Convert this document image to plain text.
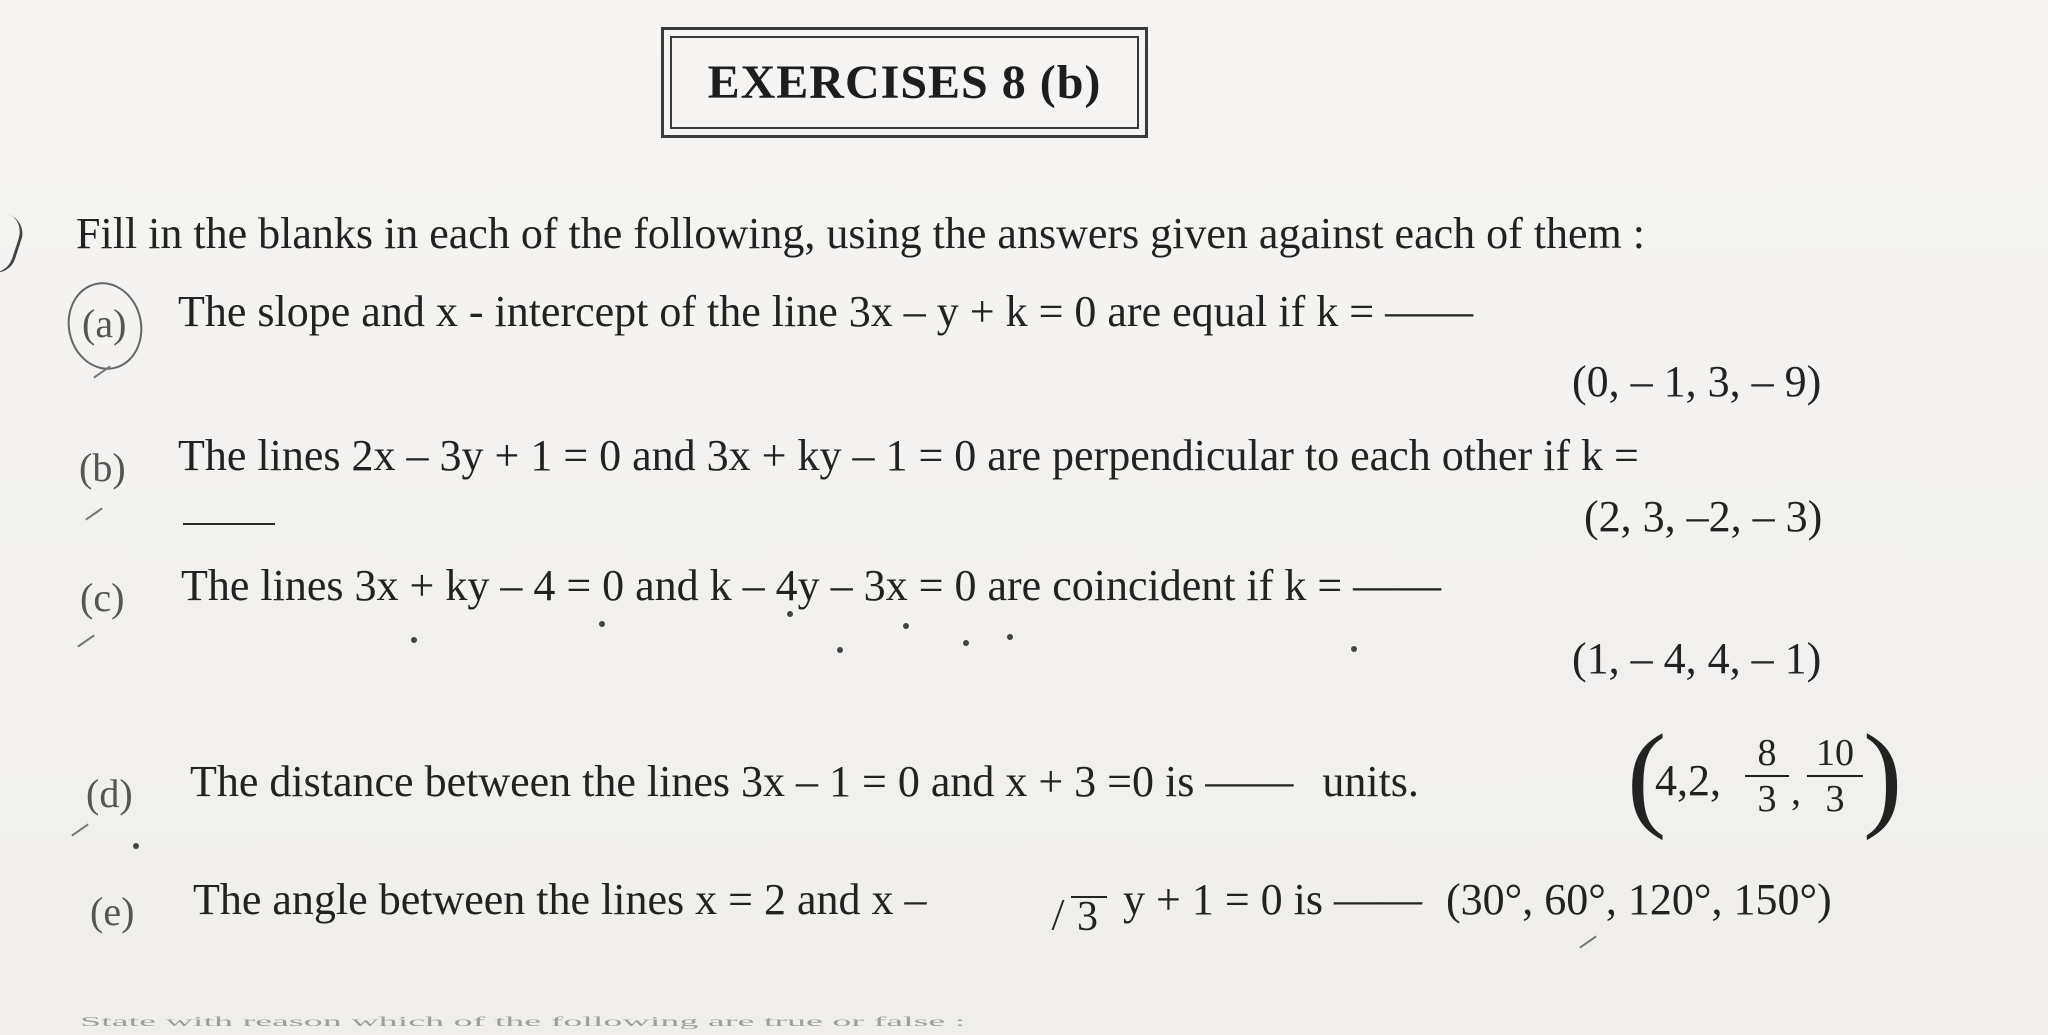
EXERCISES 8 (b)
Fill in the blanks in each of the following, using the answers given against each of them :
(a) The slope and x - intercept of the line 3x – y + k = 0 are equal if k = ——
(0, – 1, 3, – 9)
(b) The lines 2x – 3y + 1 = 0 and 3x + ky – 1 = 0 are perpendicular to each other if k =
(2, 3, –2, – 3)
(c) The lines 3x + ky – 4 = 0 and k – 4y – 3x = 0 are coincident if k = ——
(1, – 4, 4, – 1)
(d) The distance between the lines 3x – 1 = 0 and x + 3 =0 is —— units. (
4,2,
8
3 ,
10
3 )
(e) The angle between the lines x = 2 and x –	3 y + 1 = 0 is —— (30°, 60°, 120°, 150°)
State with reason which of the following are true or false :
